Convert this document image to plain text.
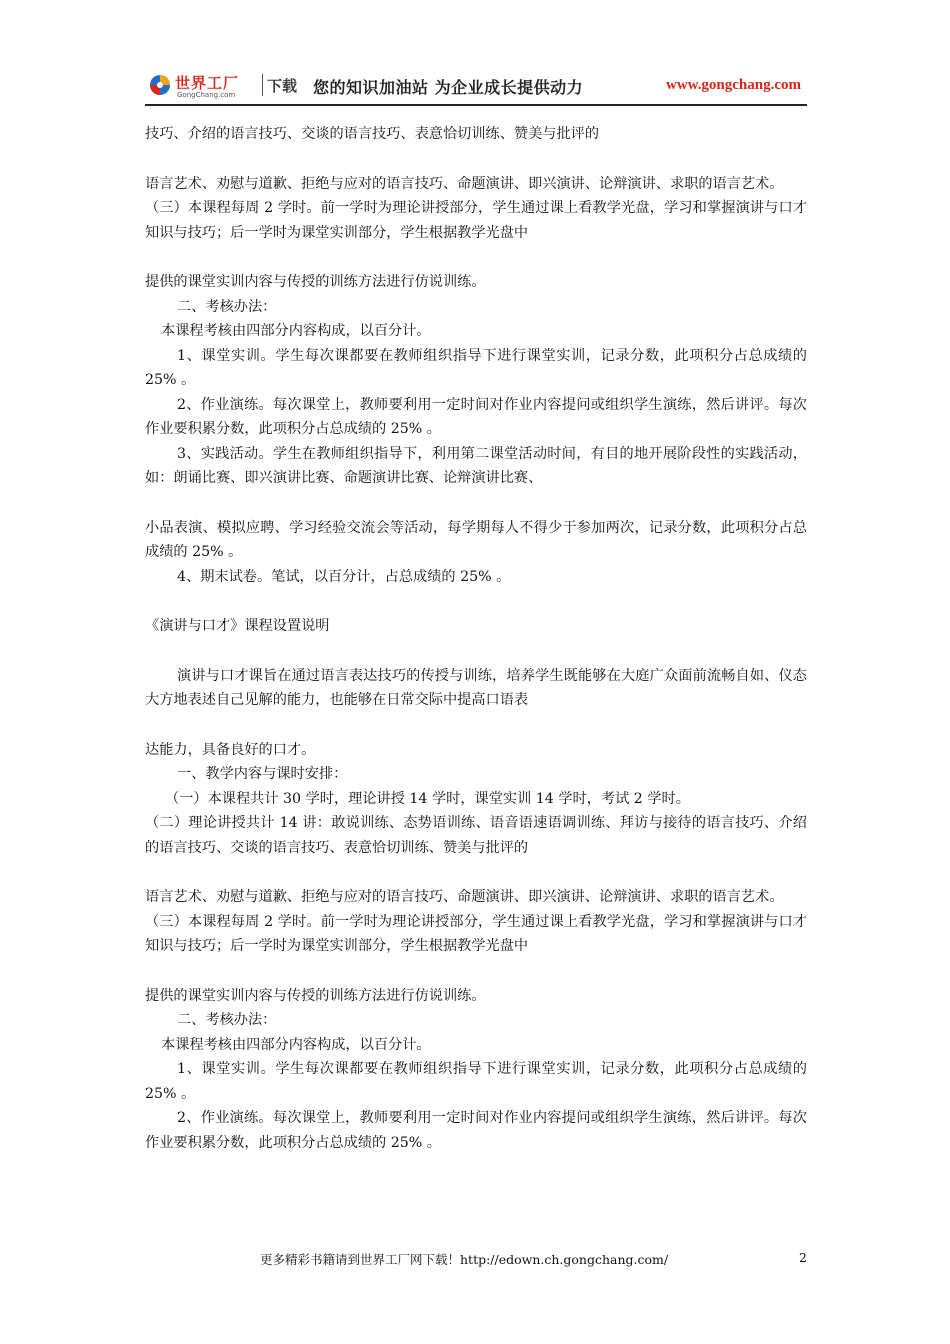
世界工厂
GongChang.com 下载 您的知识加油站 为企业成长提供动力	www.gongchang.com
技巧、介绍的语言技巧、交谈的语言技巧、表意恰切训练、赞美与批评的
语言艺术、劝慰与道歉、拒绝与应对的语言技巧、命题演讲、即兴演讲、论辩演讲、求职的语言艺术。
（三）本课程每周 2 学时。前一学时为理论讲授部分，学生通过课上看教学光盘，学习和掌握演讲与口才知识与技巧；后一学时为课堂实训部分，学生根据教学光盘中
提供的课堂实训内容与传授的训练方法进行仿说训练。
二、考核办法：
本课程考核由四部分内容构成，以百分计。
1、课堂实训。学生每次课都要在教师组织指导下进行课堂实训，记录分数，此项积分占总成绩的 25% 。
2、作业演练。每次课堂上，教师要利用一定时间对作业内容提问或组织学生演练，然后讲评。每次作业要积累分数，此项积分占总成绩的 25% 。
3、实践活动。学生在教师组织指导下，利用第二课堂活动时间，有目的地开展阶段性的实践活动，如：朗诵比赛、即兴演讲比赛、命题演讲比赛、论辩演讲比赛、
小品表演、模拟应聘、学习经验交流会等活动，每学期每人不得少于参加两次，记录分数，此项积分占总成绩的 25% 。
4、期末试卷。笔试，以百分计，占总成绩的 25% 。
《演讲与口才》课程设置说明
演讲与口才课旨在通过语言表达技巧的传授与训练，培养学生既能够在大庭广众面前流畅自如、仪态大方地表述自己见解的能力，也能够在日常交际中提高口语表
达能力，具备良好的口才。
一、教学内容与课时安排：
（一）本课程共计 30 学时，理论讲授 14 学时，课堂实训 14 学时，考试 2 学时。
（二）理论讲授共计 14 讲：敢说训练、态势语训练、语音语速语调训练、拜访与接待的语言技巧、介绍的语言技巧、交谈的语言技巧、表意恰切训练、赞美与批评的
语言艺术、劝慰与道歉、拒绝与应对的语言技巧、命题演讲、即兴演讲、论辩演讲、求职的语言艺术。
（三）本课程每周 2 学时。前一学时为理论讲授部分，学生通过课上看教学光盘，学习和掌握演讲与口才知识与技巧；后一学时为课堂实训部分，学生根据教学光盘中
提供的课堂实训内容与传授的训练方法进行仿说训练。
二、考核办法：
本课程考核由四部分内容构成，以百分计。
1、课堂实训。学生每次课都要在教师组织指导下进行课堂实训，记录分数，此项积分占总成绩的 25% 。
2、作业演练。每次课堂上，教师要利用一定时间对作业内容提问或组织学生演练，然后讲评。每次作业要积累分数，此项积分占总成绩的 25% 。
更多精彩书籍请到世界工厂网下载！http://edown.ch.gongchang.com/	2
